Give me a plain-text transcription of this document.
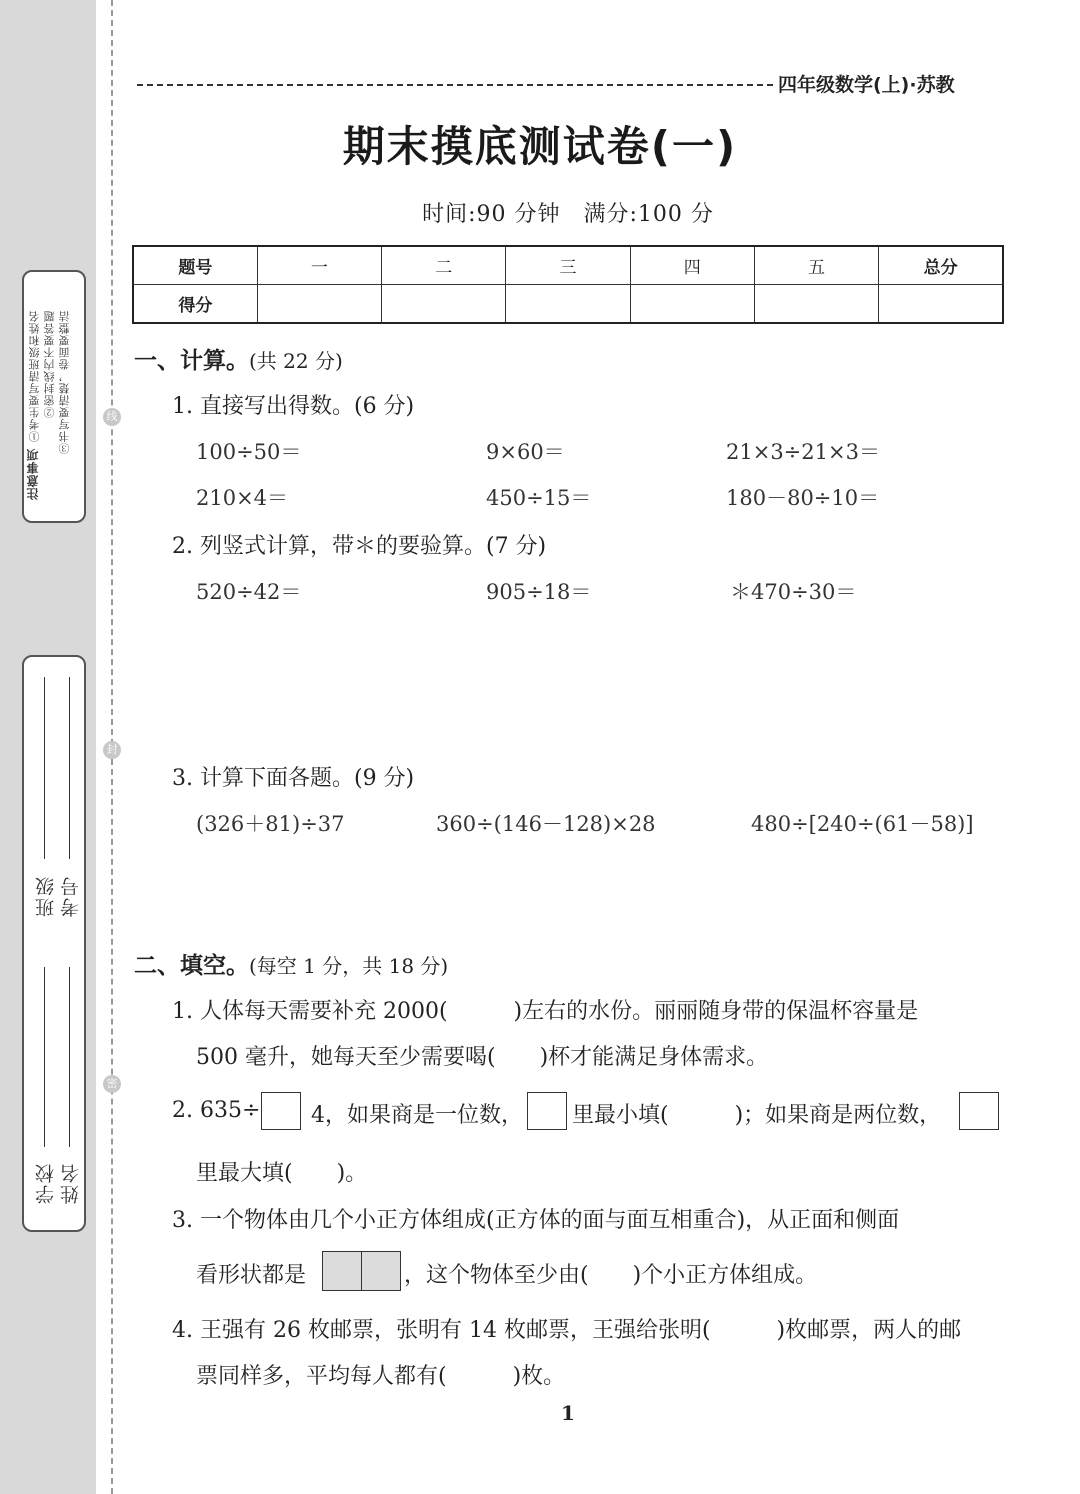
线
封
密
注意事项
①考生要写清班级和姓名 ②密封线内不要答题 ③书写要清楚，卷面要整洁
班级 考号
学校 姓名
四年级数学(上)·苏教
期末摸底测试卷(一)
时间:90 分钟　满分:100 分
题号	一	二	三	四	五	总分
得分						
一、计算。(共 22 分)
1. 直接写出得数。(6 分)
100÷50＝	9×60＝	21×3÷21×3＝
210×4＝	450÷15＝	180－80÷10＝
2. 列竖式计算，带＊的要验算。(7 分)
520÷42＝	905÷18＝	＊470÷30＝
3. 计算下面各题。(9 分)
(326＋81)÷37	360÷(146－128)×28	480÷[240÷(61－58)]
二、填空。(每空 1 分，共 18 分)
1. 人体每天需要补充 2000(　　　)左右的水份。丽丽随身带的保温杯容量是
500 毫升，她每天至少需要喝(　　)杯才能满足身体需求。
2. 635÷ 4，如果商是一位数， 里最小填(　　　)；如果商是两位数，
里最大填(　　)。
3. 一个物体由几个小正方体组成(正方体的面与面互相重合)，从正面和侧面
看形状都是	，这个物体至少由(　　)个小正方体组成。
4. 王强有 26 枚邮票，张明有 14 枚邮票，王强给张明(　　　)枚邮票，两人的邮
票同样多，平均每人都有(　　　)枚。
1
